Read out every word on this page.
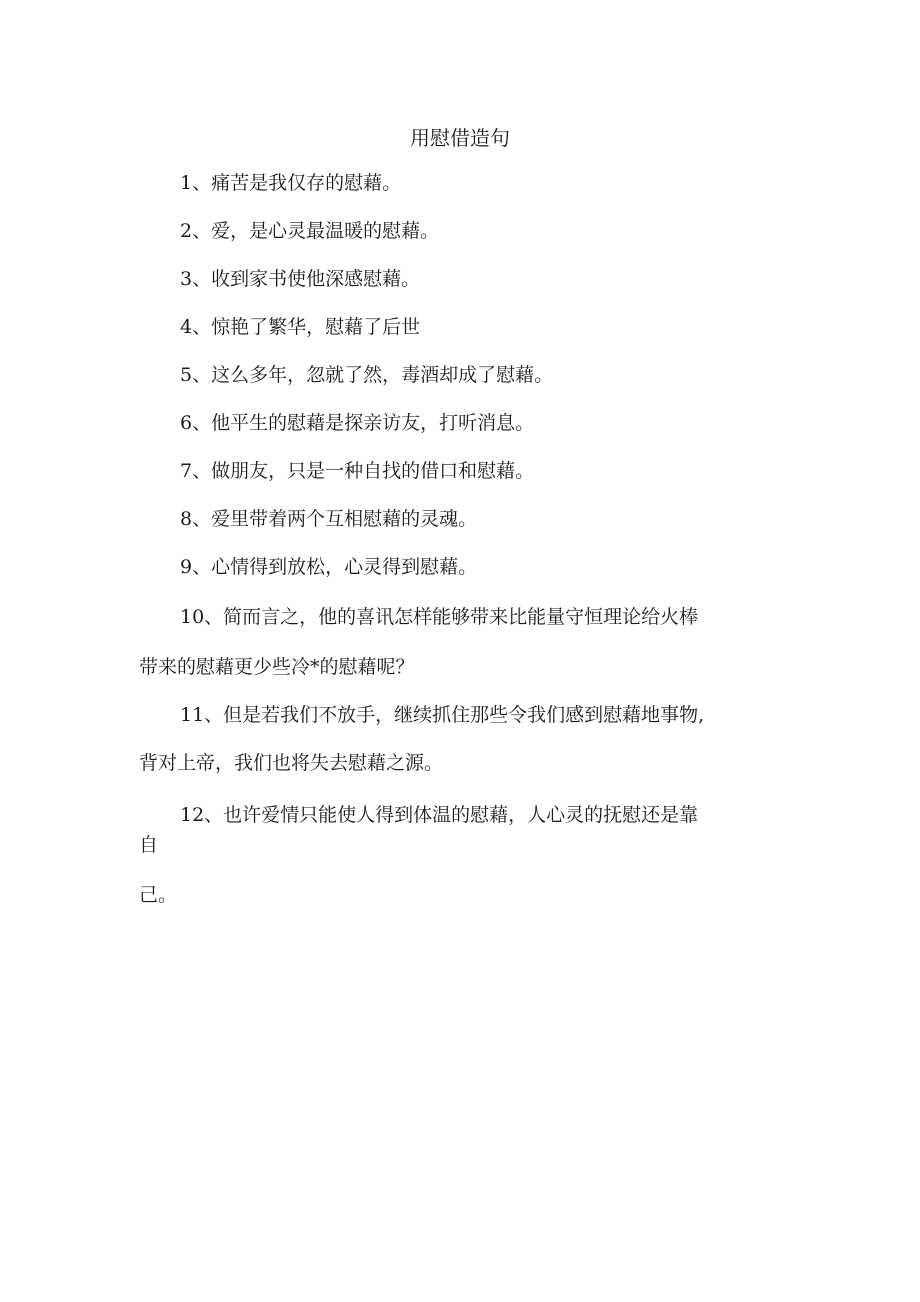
用慰借造句
1、痛苦是我仅存的慰藉。
2、爱，是心灵最温暖的慰藉。
3、收到家书使他深感慰藉。
4、惊艳了繁华，慰藉了后世
5、这么多年，忽就了然，毒酒却成了慰藉。
6、他平生的慰藉是探亲访友，打听消息。
7、做朋友，只是一种自找的借口和慰藉。
8、爱里带着两个互相慰藉的灵魂。
9、心情得到放松，心灵得到慰藉。
10、简而言之，他的喜讯怎样能够带来比能量守恒理论给火棒
带来的慰藉更少些冷*的慰藉呢？
11、但是若我们不放手，继续抓住那些令我们感到慰藉地事物,
背对上帝，我们也将失去慰藉之源。
12、也许爱情只能使人得到体温的慰藉，人心灵的抚慰还是靠
自
己。
